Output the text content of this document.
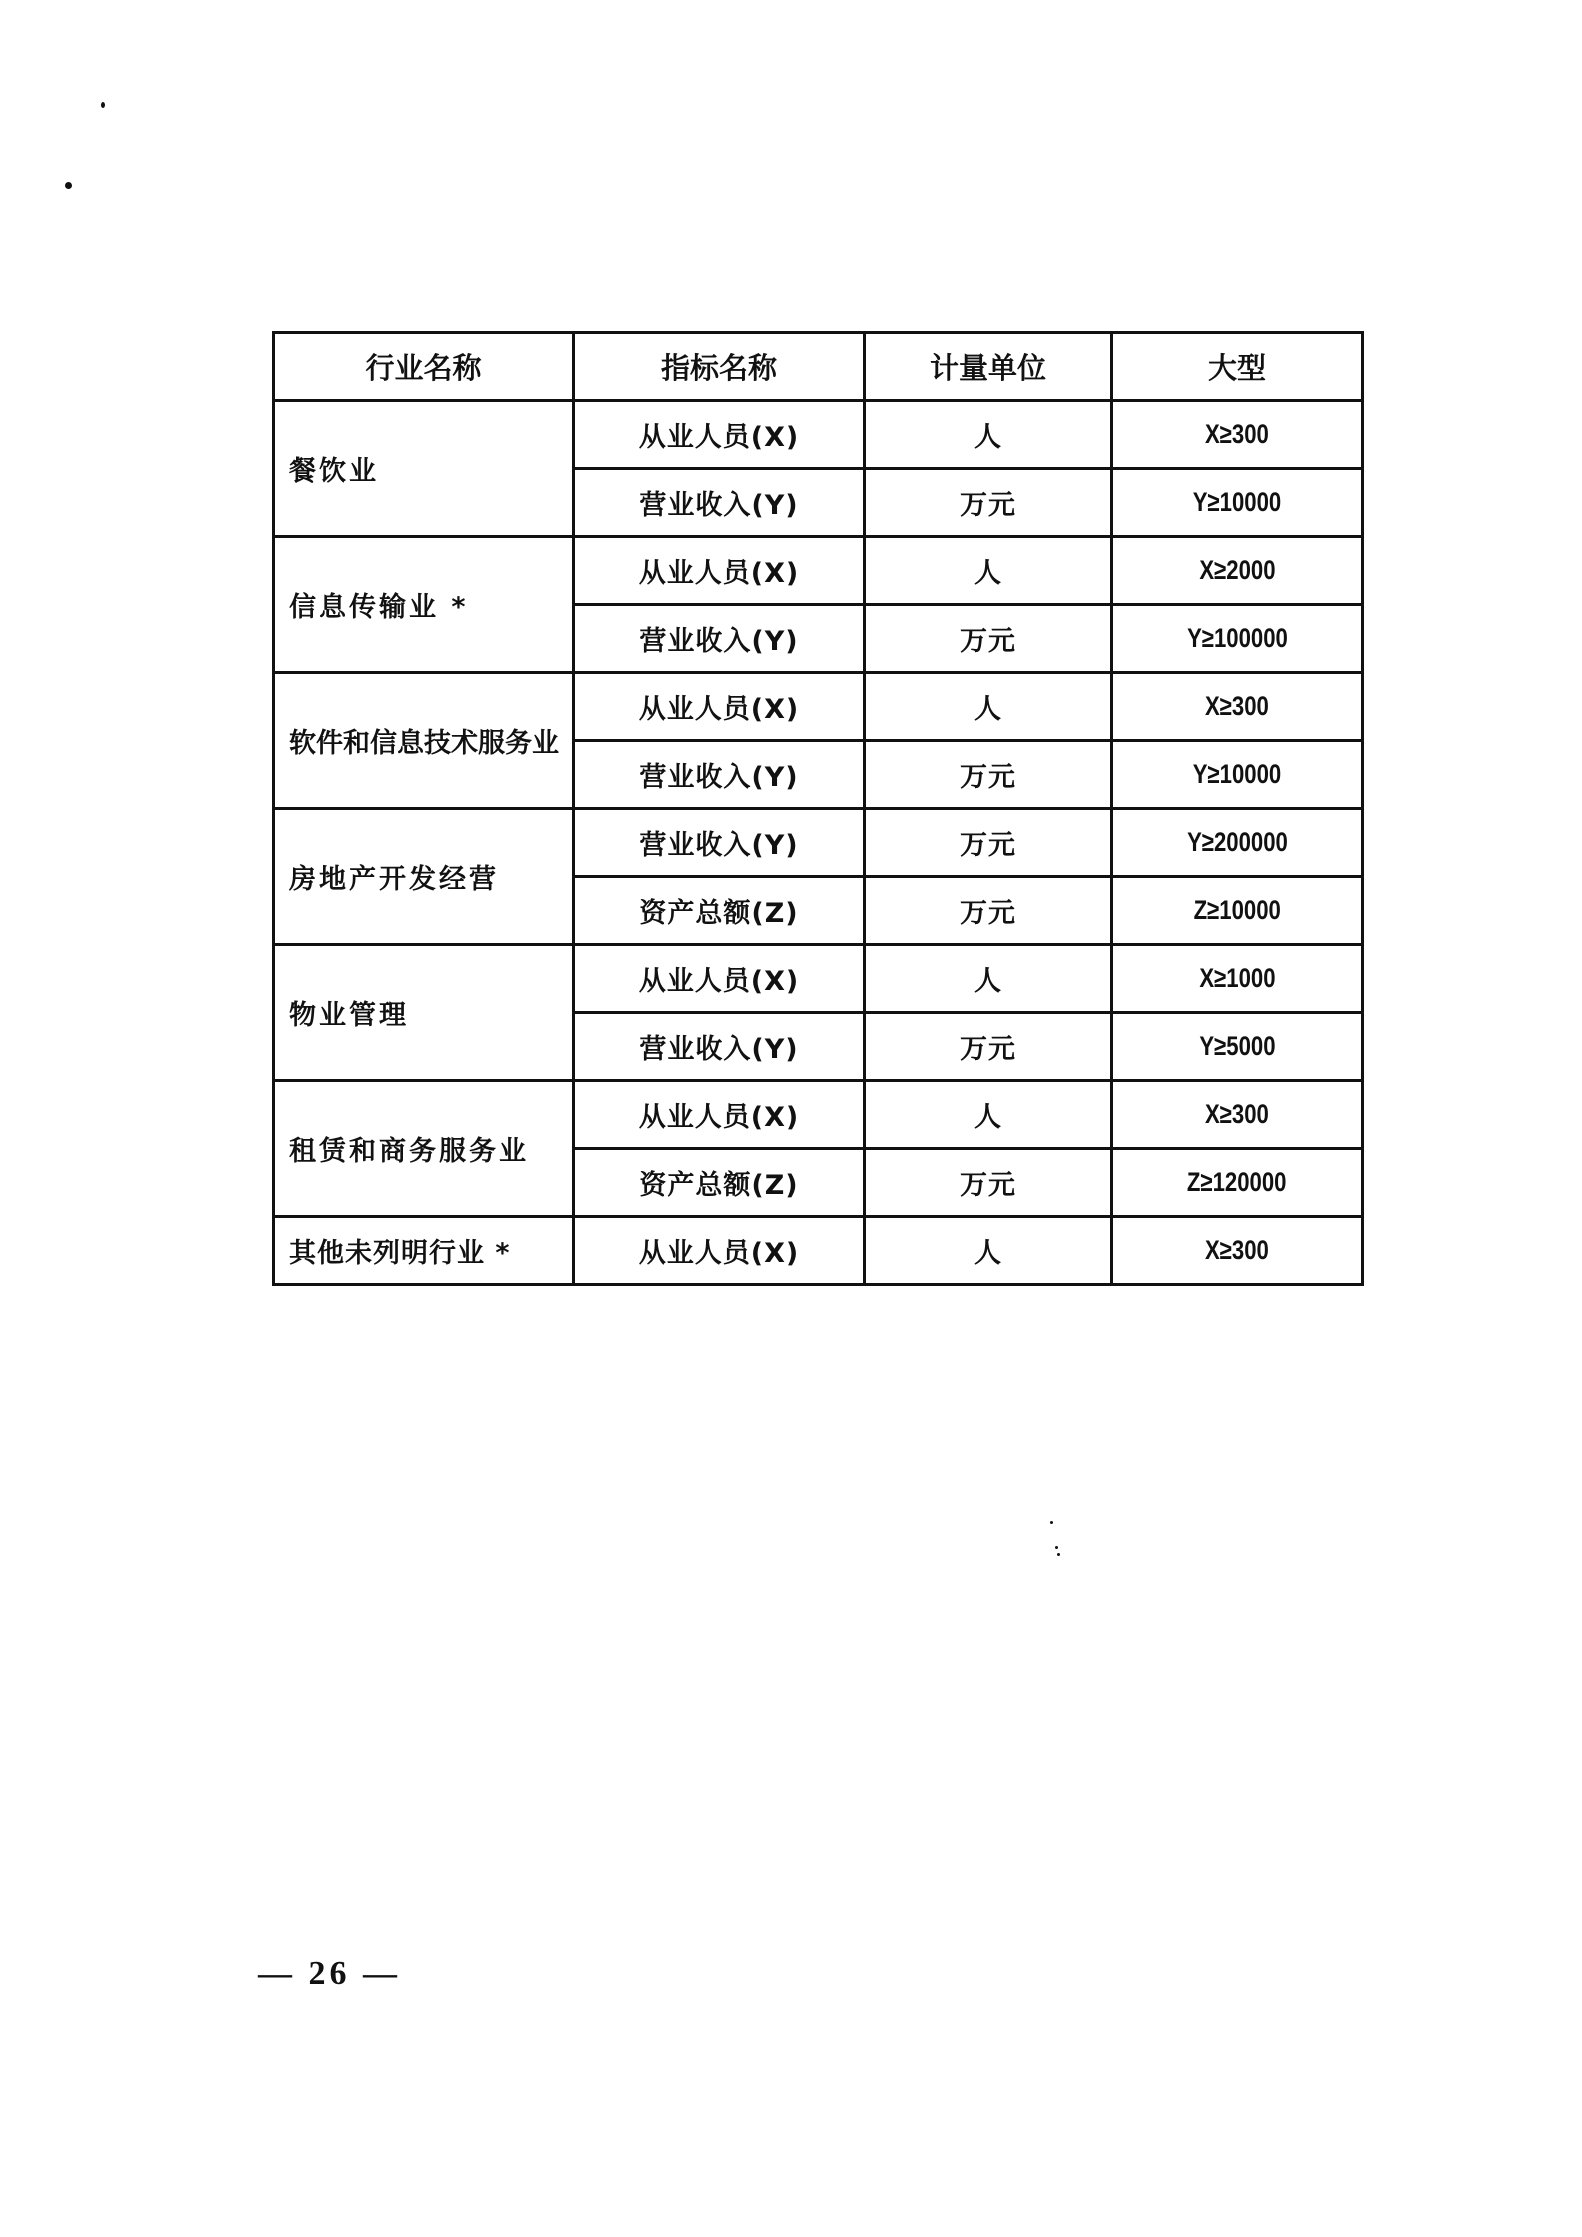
行业名称	指标名称	计量单位	大型
餐饮业	从业人员(X)	人	X≥300
	营业收入(Y)	万元	Y≥10000
信息传输业 *	从业人员(X)	人	X≥2000
	营业收入(Y)	万元	Y≥100000
软件和信息技术服务业	从业人员(X)	人	X≥300
	营业收入(Y)	万元	Y≥10000
房地产开发经营	营业收入(Y)	万元	Y≥200000
	资产总额(Z)	万元	Z≥10000
物业管理	从业人员(X)	人	X≥1000
	营业收入(Y)	万元	Y≥5000
租赁和商务服务业	从业人员(X)	人	X≥300
	资产总额(Z)	万元	Z≥120000
其他未列明行业 *	从业人员(X)	人	X≥300
— 26 —
